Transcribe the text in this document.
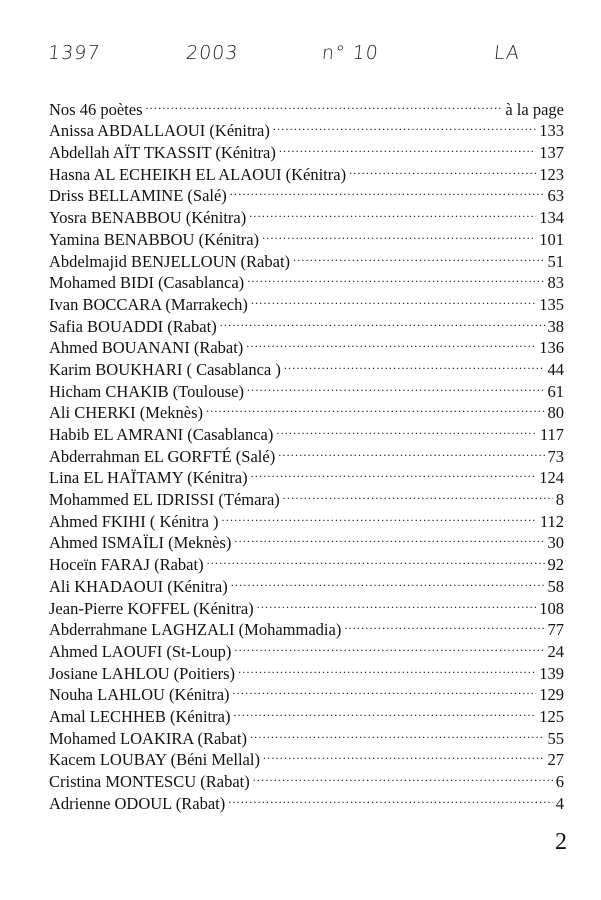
1397	2003	n° 10	LA
Nos 46 poètes .....	à la page
Anissa ABDALLAOUI (Kénitra) .....	133
Abdellah AÏT TKASSIT (Kénitra) .....	137
Hasna AL ECHEIKH EL ALAOUI (Kénitra) .....	123
Driss BELLAMINE (Salé) .....	63
Yosra BENABBOU (Kénitra) .....	134
Yamina BENABBOU (Kénitra) .....	101
Abdelmajid BENJELLOUN (Rabat) .....	51
Mohamed BIDI (Casablanca) .....	83
Ivan BOCCARA (Marrakech) .....	135
Safia BOUADDI (Rabat) .....	38
Ahmed BOUANANI (Rabat) .....	136
Karim BOUKHARI ( Casablanca ) .....	44
Hicham CHAKIB (Toulouse) .....	61
Ali CHERKI (Meknès) .....	80
Habib EL AMRANI (Casablanca) .....	117
Abderrahman EL GORFTÉ (Salé) .....	73
Lina EL HAÏTAMY (Kénitra) .....	124
Mohammed EL IDRISSI (Témara) .....	8
Ahmed FKIHI ( Kénitra ) .....	112
Ahmed ISMAÏLI (Meknès) .....	30
Hoceïn FARAJ (Rabat) .....	92
Ali KHADAOUI (Kénitra) .....	58
Jean-Pierre KOFFEL (Kénitra) .....	108
Abderrahmane LAGHZALI (Mohammadia) .....	77
Ahmed LAOUFI (St-Loup) .....	24
Josiane LAHLOU (Poitiers) .....	139
Nouha LAHLOU (Kénitra) .....	129
Amal LECHHEB (Kénitra) .....	125
Mohamed LOAKIRA (Rabat) .....	55
Kacem LOUBAY (Béni Mellal) .....	27
Cristina MONTESCU (Rabat) .....	6
Adrienne ODOUL (Rabat) .....	4
2
